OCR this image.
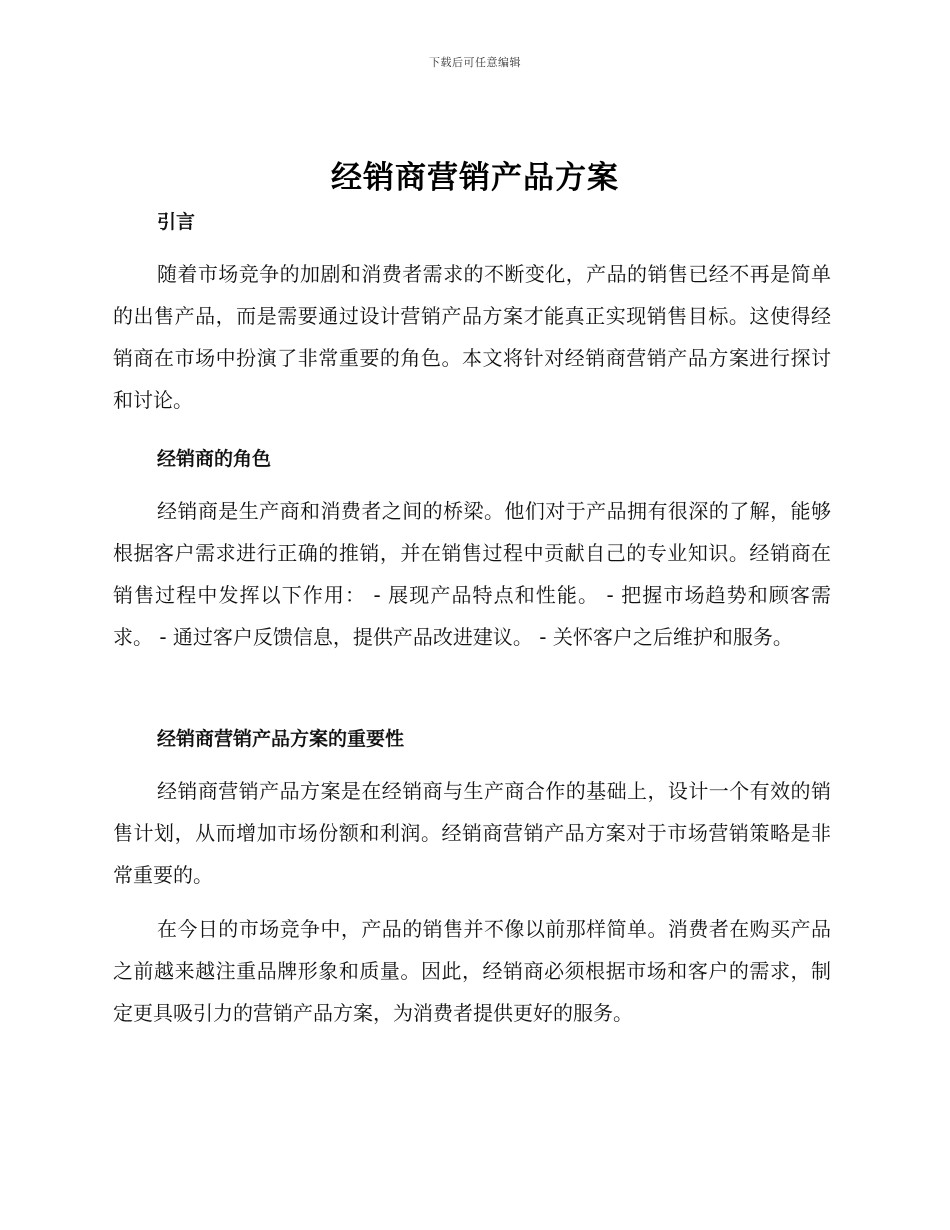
下载后可任意编辑
经销商营销产品方案
引言

随着市场竞争的加剧和消费者需求的不断变化，产品的销售已经不再是简单的出售产品，而是需要通过设计营销产品方案才能真正实现销售目标。这使得经销商在市场中扮演了非常重要的角色。本文将针对经销商营销产品方案进行探讨和讨论。

经销商的角色

经销商是生产商和消费者之间的桥梁。他们对于产品拥有很深的了解，能够根据客户需求进行正确的推销，并在销售过程中贡献自己的专业知识。经销商在销售过程中发挥以下作用： - 展现产品特点和性能。 - 把握市场趋势和顾客需求。 - 通过客户反馈信息，提供产品改进建议。 - 关怀客户之后维护和服务。

经销商营销产品方案的重要性

经销商营销产品方案是在经销商与生产商合作的基础上，设计一个有效的销售计划，从而增加市场份额和利润。经销商营销产品方案对于市场营销策略是非常重要的。

在今日的市场竞争中，产品的销售并不像以前那样简单。消费者在购买产品之前越来越注重品牌形象和质量。因此，经销商必须根据市场和客户的需求，制定更具吸引力的营销产品方案，为消费者提供更好的服务。
